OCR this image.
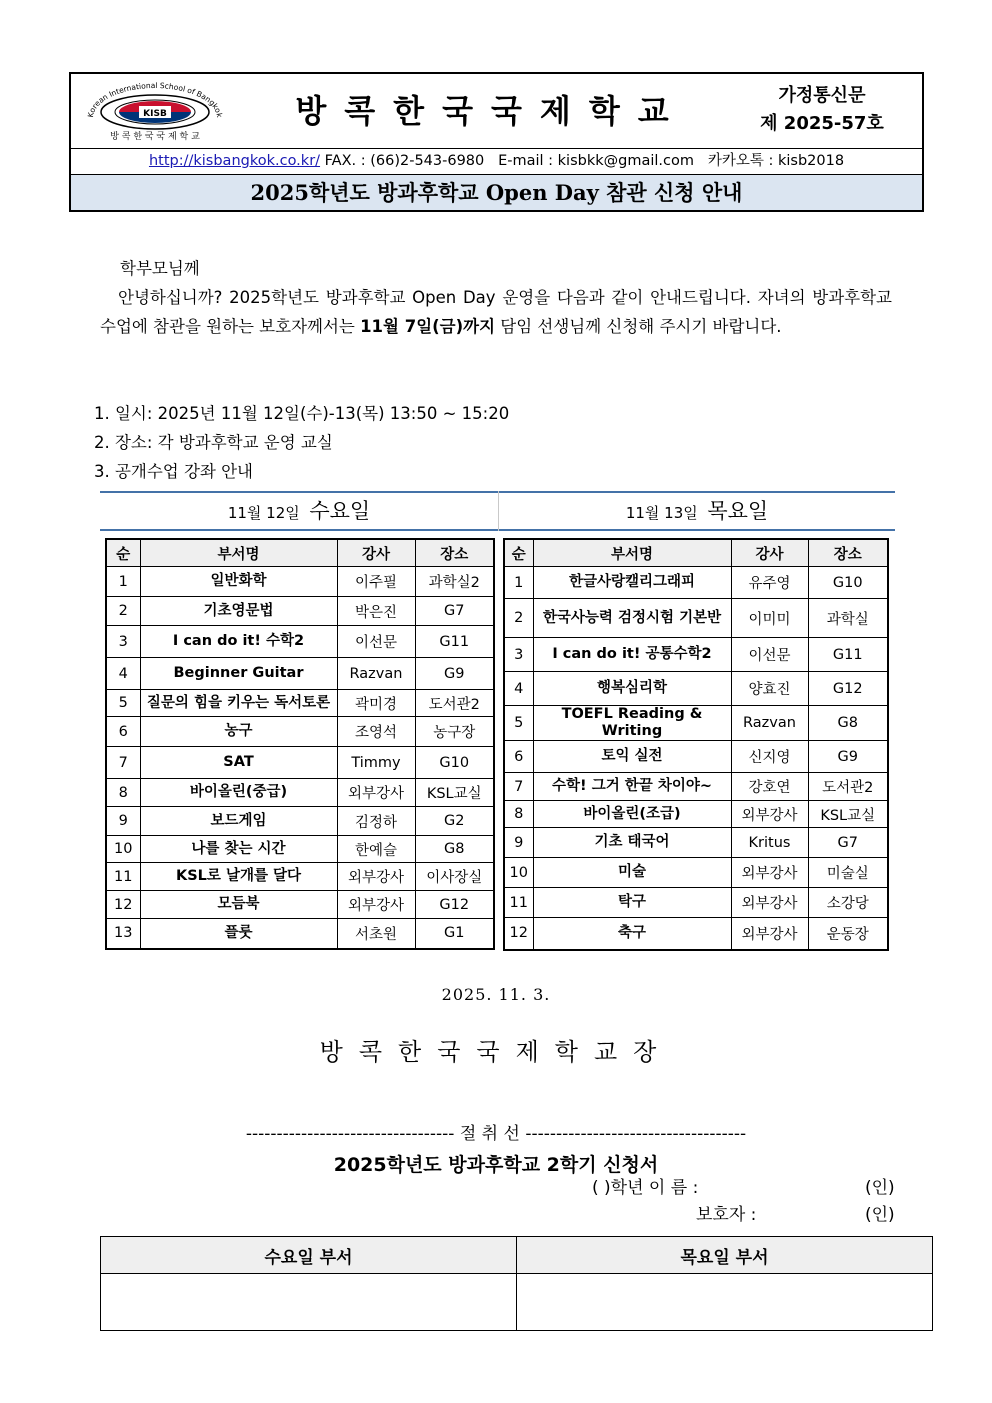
Korean International School of Bangkok
KISB
방 콕 한 국 국 제 학 교
방콕한국국제학교	가정통신문
제 2025-57호
http://kisbangkok.co.kr/ FAX. : (66)2-543-6980 E-mail : kisbkk@gmail.com 카카오톡 : kisb2018
2025학년도 방과후학교 Open Day 참관 신청 안내
학부모님께

안녕하십니까? 2025학년도 방과후학교 Open Day 운영을 다음과 같이 안내드립니다. 자녀의 방과후학교 수업에 참관을 원하는 보호자께서는 11월 7일(금)까지 담임 선생님께 신청해 주시기 바랍니다.

1. 일시: 2025년 11월 12일(수)-13(목) 13:50 ~ 15:20
2. 장소: 각 방과후학교 운영 교실
3. 공개수업 강좌 안내
11월 12일 수요일	11월 13일 목요일
순	부서명	강사	장소
1	일반화학	이주필	과학실2
2	기초영문법	박은진	G7
3	I can do it! 수학2	이선문	G11
4	Beginner Guitar	Razvan	G9
5	질문의 힘을 키우는 독서토론	곽미경	도서관2
6	농구	조영석	농구장
7	SAT	Timmy	G10
8	바이올린(중급)	외부강사	KSL교실
9	보드게임	김정하	G2
10	나를 찾는 시간	한예슬	G8
11	KSL로 날개를 달다	외부강사	이사장실
12	모듬북	외부강사	G12
13	플룻	서초원	G1
순	부서명	강사	장소
1	한글사랑캘리그래피	유주영	G10
2	한국사능력 검정시험 기본반	이미미	과학실
3	I can do it! 공통수학2	이선문	G11
4	행복심리학	양효진	G12
5	TOEFL Reading & Writing	Razvan	G8
6	토익 실전	신지영	G9
7	수학! 그거 한끝 차이야~	강호연	도서관2
8	바이올린(조급)	외부강사	KSL교실
9	기초 태국어	Kritus	G7
10	미술	외부강사	미술실
11	탁구	외부강사	소강당
12	축구	외부강사	운동장
2025. 11. 3.
방콕한국국제학교장
---------------------------------- 절 취 선 ------------------------------------
2025학년도 방과후학교 2학기 신청서
( )학년 이 름 :	(인)
보호자 :	(인)
수요일 부서	목요일 부서
